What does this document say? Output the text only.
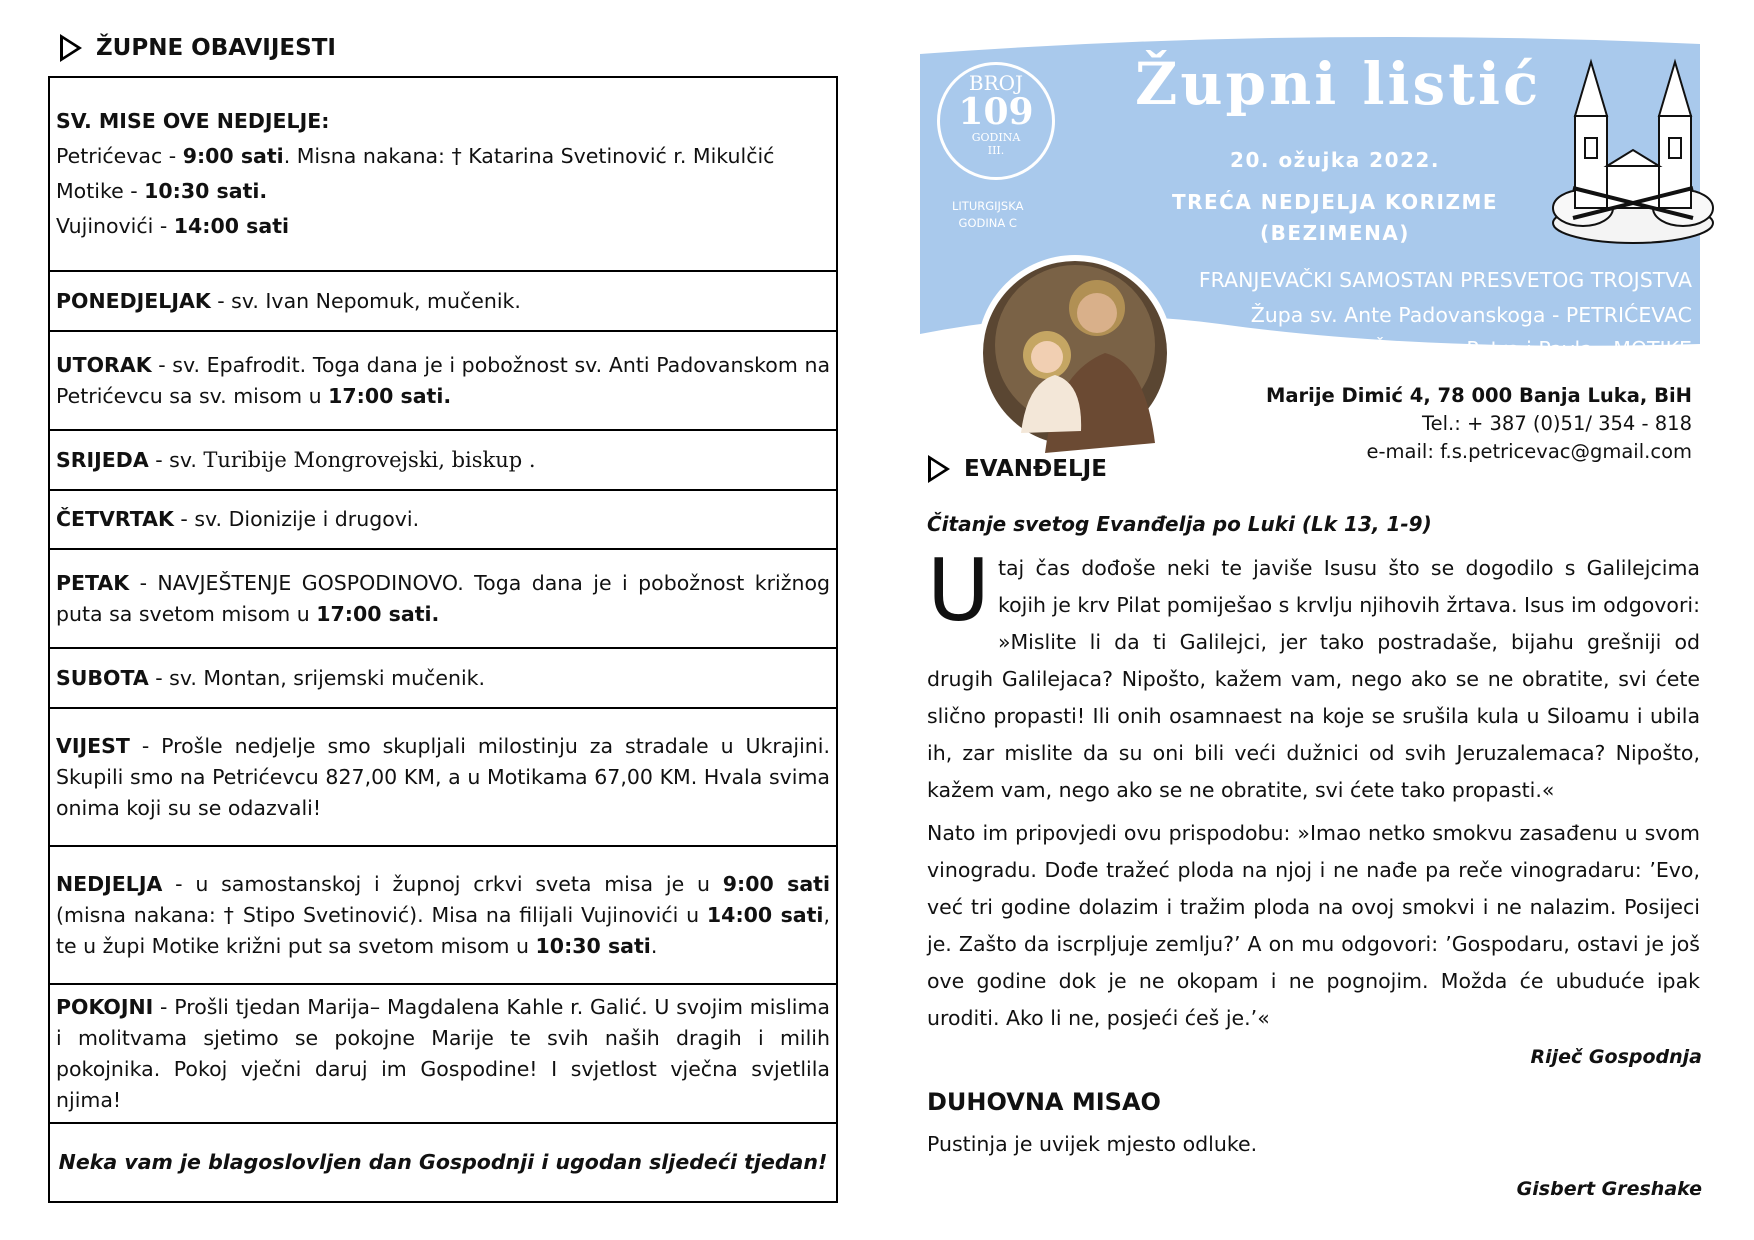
ŽUPNE OBAVIJESTI
SV. MISE OVE NEDJELJE:
Petrićevac - 9:00 sati. Misna nakana: † Katarina Svetinović r. Mikulčić
Motike - 10:30 sati.
Vujinovići - 14:00 sati
PONEDJELJAK - sv. Ivan Nepomuk, mučenik.
UTORAK - sv. Epafrodit. Toga dana je i pobožnost sv. Anti Padovanskom na Petrićevcu sa sv. misom u 17:00 sati.
SRIJEDA - sv. Turibije Mongrovejski, biskup .
ČETVRTAK - sv. Dionizije i drugovi.
PETAK - NAVJEŠTENJE GOSPODINOVO. Toga dana je i pobožnost križnog puta sa svetom misom u 17:00 sati.
SUBOTA - sv. Montan, srijemski mučenik.
VIJEST - Prošle nedjelje smo skupljali milostinju za stradale u Ukrajini. Skupili smo na Petrićevcu 827,00 KM, a u Motikama 67,00 KM. Hvala svima onima koji su se odazvali!
NEDJELJA - u samostanskoj i župnoj crkvi sveta misa je u 9:00 sati (misna nakana: † Stipo Svetinović). Misa na filijali Vujinovići u 14:00 sati, te u župi Motike križni put sa svetom misom u 10:30 sati.
POKOJNI - Prošli tjedan Marija– Magdalena Kahle r. Galić. U svojim mislima i molitvama sjetimo se pokojne Marije te svih naših dragih i milih pokojnika. Pokoj vječni daruj im Gospodine! I svjetlost vječna svjetlila njima!
Neka vam je blagoslovljen dan Gospodnji i ugodan sljedeći tjedan!
BROJ
109
GODINA
III.
LITURGIJSKA
GODINA C
Župni listić
20. ožujka 2022.
TREĆA NEDJELJA KORIZME
(BEZIMENA)
FRANJEVAČKI SAMOSTAN PRESVETOG TROJSTVA
Župa sv. Ante Padovanskoga - PETRIĆEVAC
Župa sv. Petra i Pavla - MOTIKE
Marije Dimić 4, 78 000 Banja Luka, BiH
Tel.: + 387 (0)51/ 354 - 818
e-mail: f.s.petricevac@gmail.com
EVANĐELJE
Čitanje svetog Evanđelja po Luki (Lk 13, 1-9)

Utaj čas dođoše neki te javiše Isusu što se dogodilo s Galilejcima kojih je krv Pilat pomiješao s krvlju njihovih žrtava. Isus im odgovori: »Mislite li da ti Galilejci, jer tako postradaše, bijahu grešniji od drugih Galilejaca? Nipošto, kažem vam, nego ako se ne obratite, svi ćete slično propasti! Ili onih osamnaest na koje se srušila kula u Siloamu i ubila ih, zar mislite da su oni bili veći dužnici od svih Jeruzalemaca? Nipošto, kažem vam, nego ako se ne obratite, svi ćete tako propasti.«

Nato im pripovjedi ovu prispodobu: »Imao netko smokvu zasađenu u svom vinogradu. Dođe tražeć ploda na njoj i ne nađe pa reče vinogradaru: ’Evo, već tri godine dolazim i tražim ploda na ovoj smokvi i ne nalazim. Posijeci je. Zašto da iscrpljuje zemlju?’ A on mu odgovori: ’Gospodaru, ostavi je još ove godine dok je ne okopam i ne pognojim. Možda će ubuduće ipak uroditi. Ako li ne, posjeći ćeš je.’«

Riječ Gospodnja
DUHOVNA MISAO
Pustinja je uvijek mjesto odluke.
Gisbert Greshake
